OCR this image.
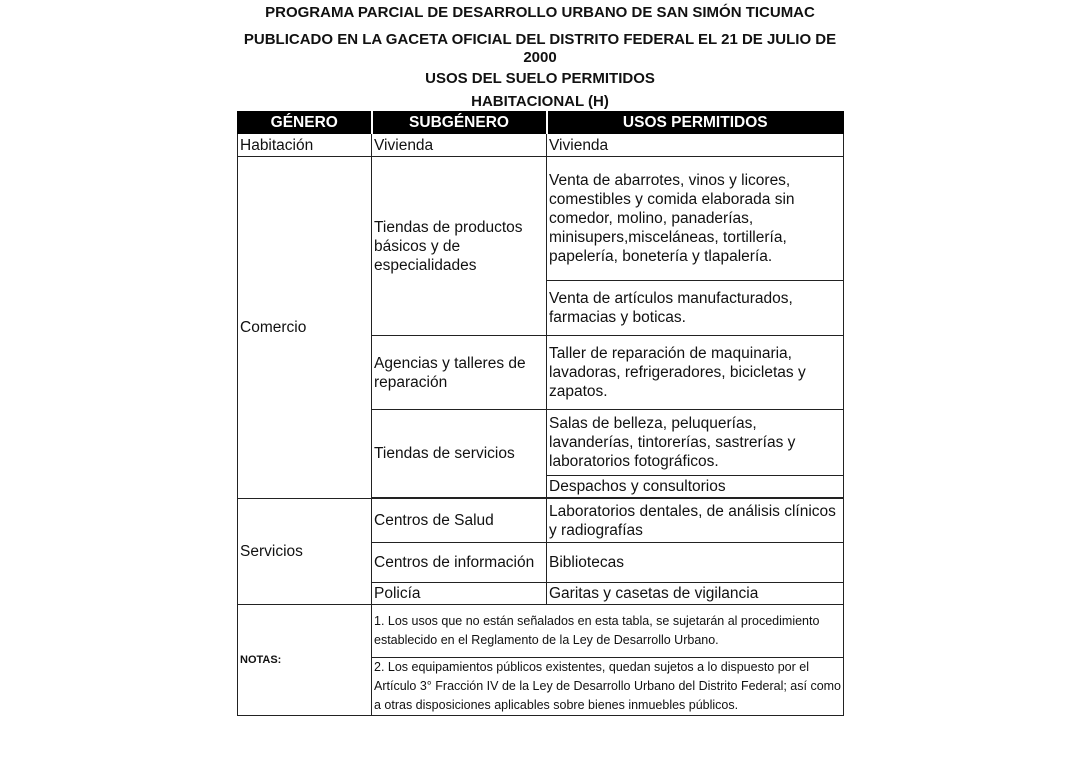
PROGRAMA PARCIAL DE DESARROLLO URBANO DE SAN SIMÓN TICUMAC
PUBLICADO EN LA GACETA OFICIAL DEL DISTRITO FEDERAL EL 21 DE JULIO DE
2000
USOS DEL SUELO PERMITIDOS
HABITACIONAL (H)
GÉNERO	SUBGÉNERO	USOS PERMITIDOS
Habitación	Vivienda	Vivienda
Comercio	Tiendas de productos básicos y de especialidades	Venta de abarrotes, vinos y licores, comestibles y comida elaborada sin comedor, molino, panaderías, minisupers,misceláneas, tortillería, papelería, bonetería y tlapalería.
		Venta de artículos manufacturados, farmacias y boticas.
	Agencias y talleres de reparación	Taller de reparación de maquinaria, lavadoras, refrigeradores, bicicletas y zapatos.
	Tiendas de servicios	Salas de belleza, peluquerías, lavanderías, tintorerías, sastrerías y laboratorios fotográficos.
		Despachos y consultorios

Servicios	Centros de Salud	Laboratorios dentales, de análisis clínicos y radiografías
	Centros de información	Bibliotecas
	Policía	Garitas y casetas de vigilancia
NOTAS:	1. Los usos que no están señalados en esta tabla, se sujetarán al procedimiento establecido en el Reglamento de la Ley de Desarrollo Urbano.	
	2. Los equipamientos públicos existentes, quedan sujetos a lo dispuesto por el Artículo 3° Fracción IV de la Ley de Desarrollo Urbano del Distrito Federal; así como a otras disposiciones aplicables sobre bienes inmuebles públicos.	
